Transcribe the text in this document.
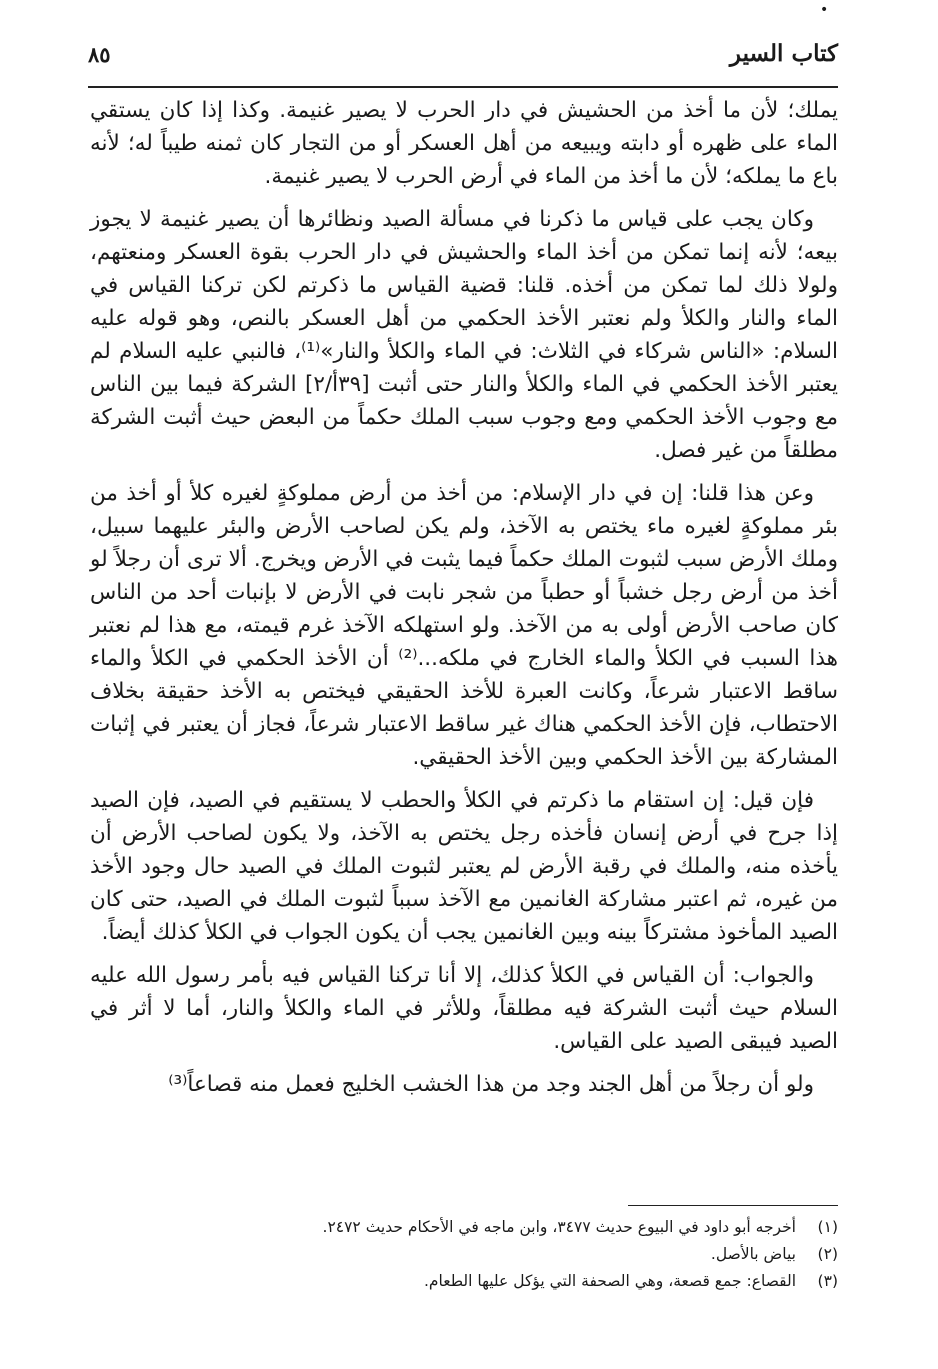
•
كتاب السير
٨٥

يملك؛ لأن ما أخذ من الحشيش في دار الحرب لا يصير غنيمة. وكذا إذا كان يستقي الماء على ظهره أو دابته ويبيعه من أهل العسكر أو من التجار كان ثمنه طيباً له؛ لأنه باع ما يملكه؛ لأن ما أخذ من الماء في أرض الحرب لا يصير غنيمة.

وكان يجب على قياس ما ذكرنا في مسألة الصيد ونظائرها أن يصير غنيمة لا يجوز بيعه؛ لأنه إنما تمكن من أخذ الماء والحشيش في دار الحرب بقوة العسكر ومنعتهم، ولولا ذلك لما تمكن من أخذه. قلنا: قضية القياس ما ذكرتم لكن تركنا القياس في الماء والنار والكلأ ولم نعتبر الأخذ الحكمي من أهل العسكر بالنص، وهو قوله عليه السلام: «الناس شركاء في الثلاث: في الماء والكلأ والنار»⁽¹⁾، فالنبي عليه السلام لم يعتبر الأخذ الحكمي في الماء والكلأ والنار حتى أثبت [٣٩أ/٢] الشركة فيما بين الناس مع وجوب الأخذ الحكمي ومع وجوب سبب الملك حكماً من البعض حيث أثبت الشركة مطلقاً من غير فصل.

وعن هذا قلنا: إن في دار الإسلام: من أخذ من أرض مملوكةٍ لغيره كلأ أو أخذ من بئر مملوكةٍ لغيره ماء يختص به الآخذ، ولم يكن لصاحب الأرض والبئر عليهما سبيل، وملك الأرض سبب لثبوت الملك حكماً فيما يثبت في الأرض ويخرج. ألا ترى أن رجلاً لو أخذ من أرض رجل خشباً أو حطباً من شجر نابت في الأرض لا بإنبات أحد من الناس كان صاحب الأرض أولى به من الآخذ. ولو استهلكه الآخذ غرم قيمته، مع هذا لم نعتبر هذا السبب في الكلأ والماء الخارج في ملكه...⁽²⁾ أن الأخذ الحكمي في الكلأ والماء ساقط الاعتبار شرعاً، وكانت العبرة للأخذ الحقيقي فيختص به الأخذ حقيقة بخلاف الاحتطاب، فإن الأخذ الحكمي هناك غير ساقط الاعتبار شرعاً، فجاز أن يعتبر في إثبات المشاركة بين الأخذ الحكمي وبين الأخذ الحقيقي.

فإن قيل: إن استقام ما ذكرتم في الكلأ والحطب لا يستقيم في الصيد، فإن الصيد إذا جرح في أرض إنسان فأخذه رجل يختص به الآخذ، ولا يكون لصاحب الأرض أن يأخذه منه، والملك في رقبة الأرض لم يعتبر لثبوت الملك في الصيد حال وجود الأخذ من غيره، ثم اعتبر مشاركة الغانمين مع الآخذ سبباً لثبوت الملك في الصيد، حتى كان الصيد المأخوذ مشتركاً بينه وبين الغانمين يجب أن يكون الجواب في الكلأ كذلك أيضاً.

والجواب: أن القياس في الكلأ كذلك، إلا أنا تركنا القياس فيه بأمر رسول الله عليه السلام حيث أثبت الشركة فيه مطلقاً، وللأثر في الماء والكلأ والنار، أما لا أثر في الصيد فيبقى الصيد على القياس.

ولو أن رجلاً من أهل الجند وجد من هذا الخشب الخليج فعمل منه قصاعاً⁽³⁾

(١)
أخرجه أبو داود في البيوع حديث ٣٤٧٧، وابن ماجه في الأحكام حديث ٢٤٧٢.
(٢)
بياض بالأصل.
(٣)
القصاع: جمع قصعة، وهي الصحفة التي يؤكل عليها الطعام.
